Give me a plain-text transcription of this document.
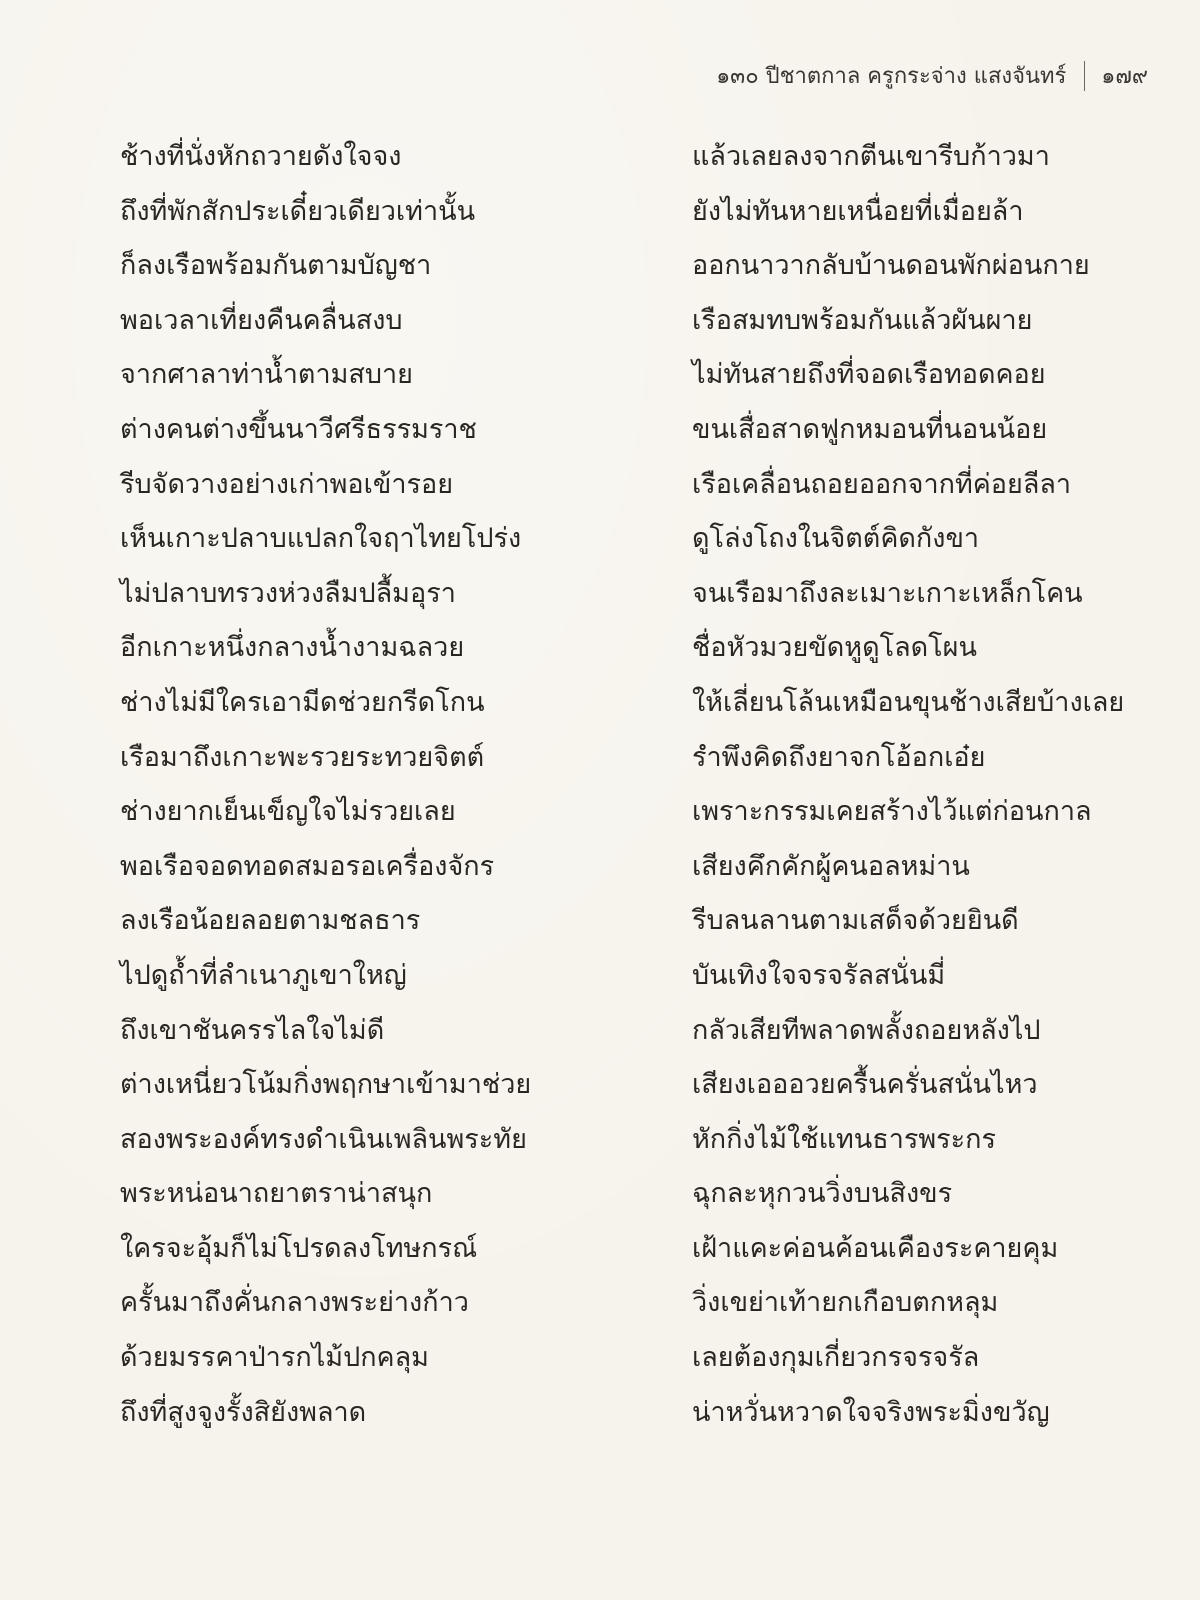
๑๓๐ ปีชาตกาล ครูกระจ่าง แสงจันทร์ ๑๗๙
ช้างที่นั่งหักถวายดังใจจง	แล้วเลยลงจากตีนเขารีบก้าวมา
ถึงที่พักสักประเดี๋ยวเดียวเท่านั้น	ยังไม่ทันหายเหนื่อยที่เมื่อยล้า
ก็ลงเรือพร้อมกันตามบัญชา	ออกนาวากลับบ้านดอนพักผ่อนกาย
พอเวลาเที่ยงคืนคลื่นสงบ	เรือสมทบพร้อมกันแล้วผันผาย
จากศาลาท่าน้ำตามสบาย	ไม่ทันสายถึงที่จอดเรือทอดคอย
ต่างคนต่างขึ้นนาวีศรีธรรมราช	ขนเสื่อสาดฟูกหมอนที่นอนน้อย
รีบจัดวางอย่างเก่าพอเข้ารอย	เรือเคลื่อนถอยออกจากที่ค่อยลีลา
เห็นเกาะปลาบแปลกใจฤาไทยโปร่ง	ดูโล่งโถงในจิตต์คิดกังขา
ไม่ปลาบทรวงห่วงลืมปลื้มอุรา	จนเรือมาถึงละเมาะเกาะเหล็กโคน
อีกเกาะหนึ่งกลางน้ำงามฉลวย	ชื่อหัวมวยขัดหูดูโลดโผน
ช่างไม่มีใครเอามีดช่วยกรีดโกน	ให้เลี่ยนโล้นเหมือนขุนช้างเสียบ้างเลย
เรือมาถึงเกาะพะรวยระทวยจิตต์	รำพึงคิดถึงยาจกโอ้อกเอ๋ย
ช่างยากเย็นเข็ญใจไม่รวยเลย	เพราะกรรมเคยสร้างไว้แต่ก่อนกาล
พอเรือจอดทอดสมอรอเครื่องจักร	เสียงคึกคักผู้คนอลหม่าน
ลงเรือน้อยลอยตามชลธาร	รีบลนลานตามเสด็จด้วยยินดี
ไปดูถ้ำที่ลำเนาภูเขาใหญ่	บันเทิงใจจรจรัลสนั่นมี่
ถึงเขาชันครรไลใจไม่ดี	กลัวเสียทีพลาดพลั้งถอยหลังไป
ต่างเหนี่ยวโน้มกิ่งพฤกษาเข้ามาช่วย	เสียงเอออวยครื้นครั่นสนั่นไหว
สองพระองค์ทรงดำเนินเพลินพระทัย	หักกิ่งไม้ใช้แทนธารพระกร
พระหน่อนาถยาตราน่าสนุก	ฉุกละหุกวนวิ่งบนสิงขร
ใครจะอุ้มก็ไม่โปรดลงโทษกรณ์	เฝ้าแคะค่อนค้อนเคืองระคายคุม
ครั้นมาถึงคั่นกลางพระย่างก้าว	วิ่งเขย่าเท้ายกเกือบตกหลุม
ด้วยมรรคาป่ารกไม้ปกคลุม	เลยต้องกุมเกี่ยวกรจรจรัล
ถึงที่สูงจูงรั้งสิยังพลาด	น่าหวั่นหวาดใจจริงพระมิ่งขวัญ
